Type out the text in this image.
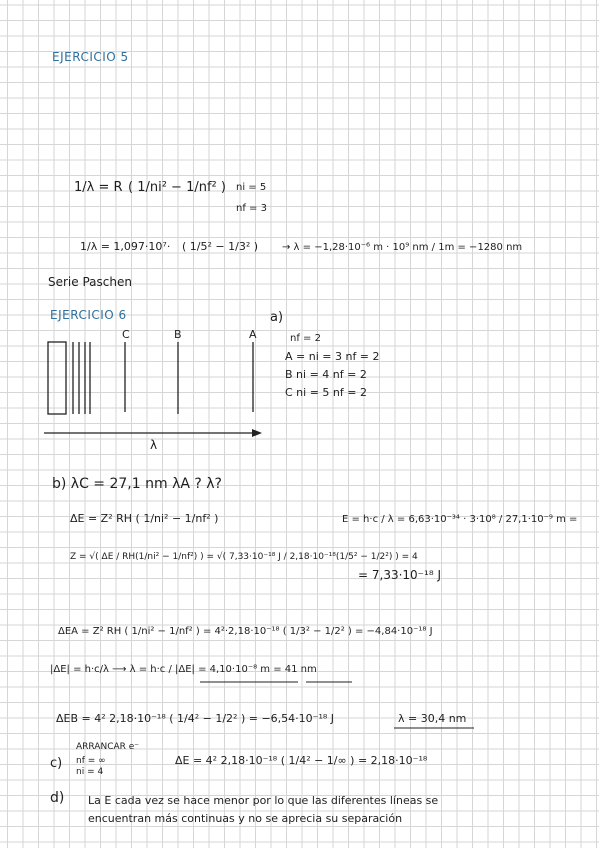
EJERCICIO 5
1/λ = R ( 1/ni² − 1/nf² ) ni = 5
nf = 3
1/λ = 1,097·10⁷· ( 1/5² − 1/3² ) → λ = −1,28·10⁻⁶ m · 10⁹ nm / 1m = −1280 nm
Serie Paschen
EJERCICIO 6
C	B	A
λ
a)
nf = 2
A = ni = 3 nf = 2
B ni = 4 nf = 2
C ni = 5 nf = 2
b) λC = 27,1 nm λA ? λ?
ΔE = Z² RH ( 1/ni² − 1/nf² )	E = h·c / λ = 6,63·10⁻³⁴ · 3·10⁸ / 27,1·10⁻⁹ m =
Z = √( ΔE / RH(1/ni² − 1/nf²) ) = √( 7,33·10⁻¹⁸ J / 2,18·10⁻¹⁸(1/5² − 1/2²) ) = 4
= 7,33·10⁻¹⁸ J
ΔEA = Z² RH ( 1/ni² − 1/nf² ) = 4²·2,18·10⁻¹⁸ ( 1/3² − 1/2² ) = −4,84·10⁻¹⁸ J
|ΔE| = h·c/λ ⟶ λ = h·c / |ΔE| = 4,10·10⁻⁸ m = 41 nm
ΔEB = 4² 2,18·10⁻¹⁸ ( 1/4² − 1/2² ) = −6,54·10⁻¹⁸ J	λ = 30,4 nm
c)
ARRANCAR e⁻
nf = ∞
ni = 4
ΔE = 4² 2,18·10⁻¹⁸ ( 1/4² − 1/∞ ) = 2,18·10⁻¹⁸
d) La E cada vez se hace menor por lo que las diferentes líneas se
encuentran más continuas y no se aprecia su separación
